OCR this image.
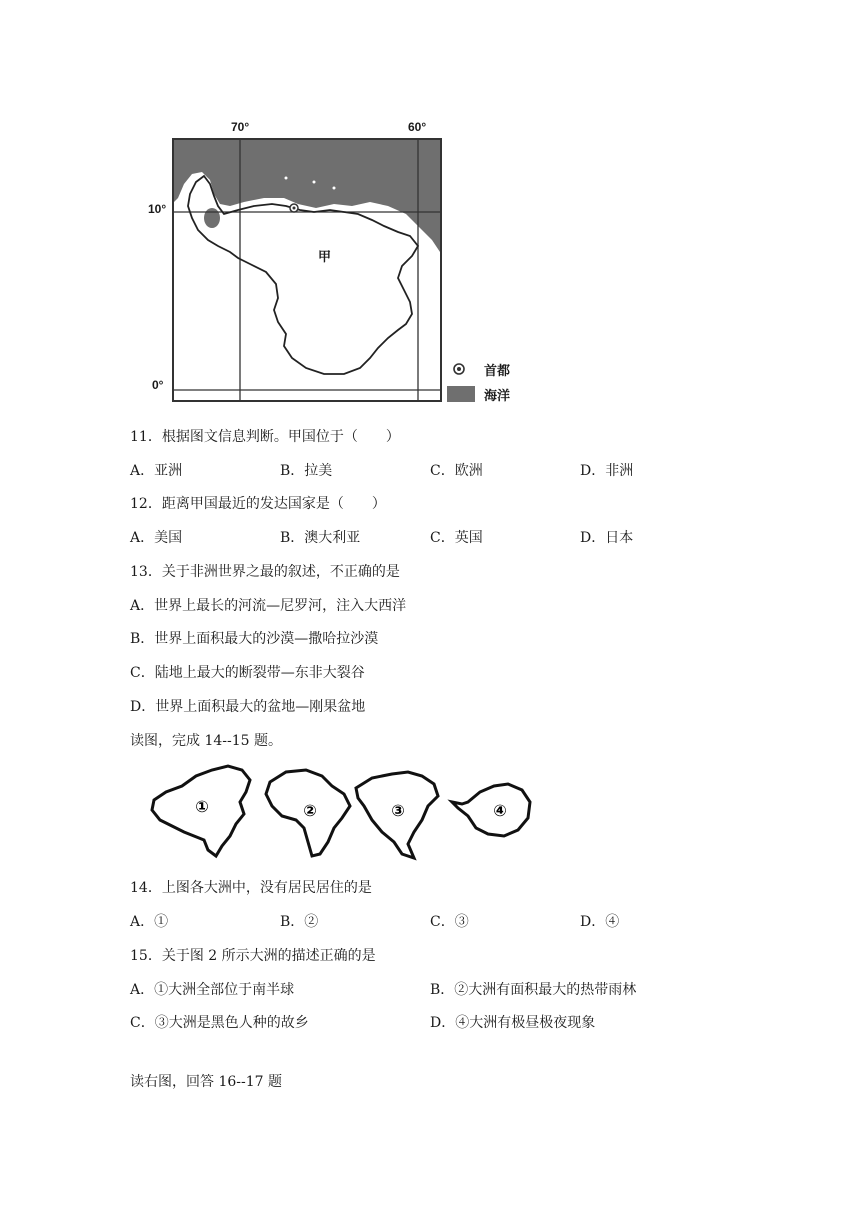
70°	60°
10°
0°
甲
首都
海洋
11．根据图文信息判断。甲国位于（　　）
A．亚洲	B．拉美	C．欧洲	D．非洲
12．距离甲国最近的发达国家是（　　）
A．美国	B．澳大利亚	C．英国	D．日本
13．关于非洲世界之最的叙述，不正确的是
A．世界上最长的河流—尼罗河，注入大西洋
B．世界上面积最大的沙漠—撒哈拉沙漠
C．陆地上最大的断裂带—东非大裂谷
D．世界上面积最大的盆地—刚果盆地
读图，完成 14--15 题。
①	②	③	④
14．上图各大洲中，没有居民居住的是
A．①	B．②	C．③	D．④
15．关于图 2 所示大洲的描述正确的是
A．①大洲全部位于南半球	B．②大洲有面积最大的热带雨林
C．③大洲是黑色人种的故乡	D．④大洲有极昼极夜现象
读右图，回答 16--17 题
